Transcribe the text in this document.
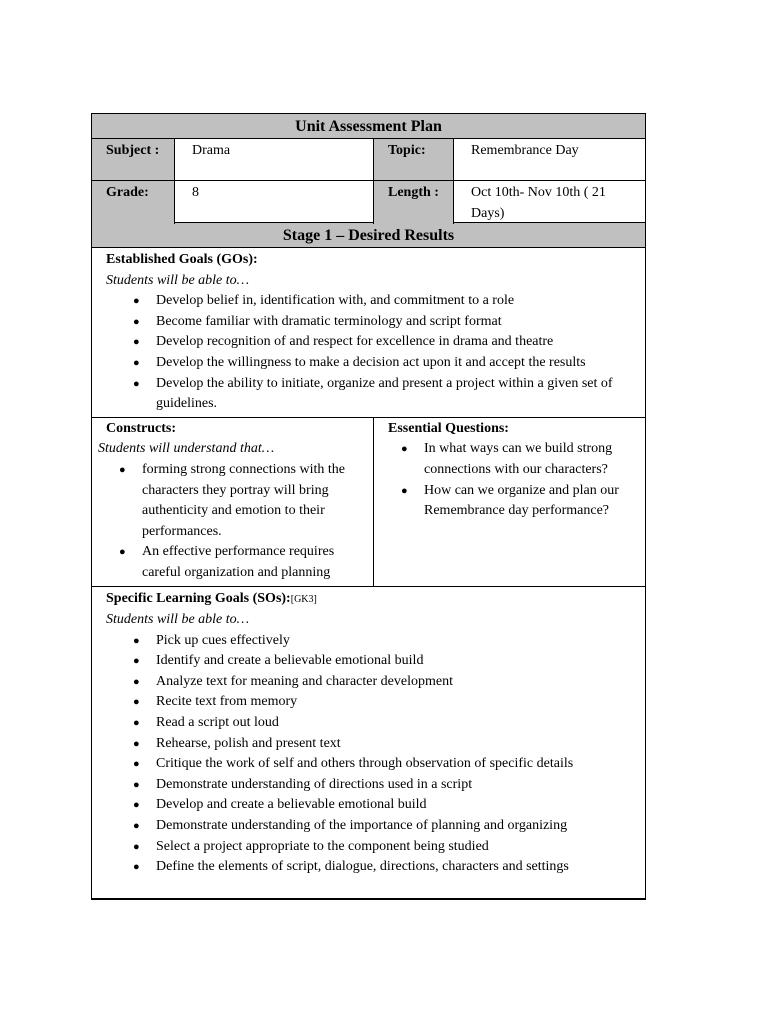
Unit Assessment Plan
Subject :	Drama	Topic:	Remembrance Day
Grade:	8	Length :	Oct 10th- Nov 10th ( 21 Days)
Stage 1 – Desired Results
Established Goals (GOs):
Students will be able to…
● Develop belief in, identification with, and commitment to a role
● Become familiar with dramatic terminology and script format
● Develop recognition of and respect for excellence in drama and theatre
● Develop the willingness to make a decision act upon it and accept the results
● Develop the ability to initiate, organize and present a project within a given set of guidelines.
Constructs:
Students will understand that…
● forming strong connections with the characters they portray will bring authenticity and emotion to their performances.
● An effective performance requires careful organization and planning
Essential Questions:
● In what ways can we build strong connections with our characters?
● How can we organize and plan our Remembrance day performance?
Specific Learning Goals (SOs):[GK3]
Students will be able to…
● Pick up cues effectively
● Identify and create a believable emotional build
● Analyze text for meaning and character development
● Recite text from memory
● Read a script out loud
● Rehearse, polish and present text
● Critique the work of self and others through observation of specific details
● Demonstrate understanding of directions used in a script
● Develop and create a believable emotional build
● Demonstrate understanding of the importance of planning and organizing
● Select a project appropriate to the component being studied
● Define the elements of script, dialogue, directions, characters and settings
